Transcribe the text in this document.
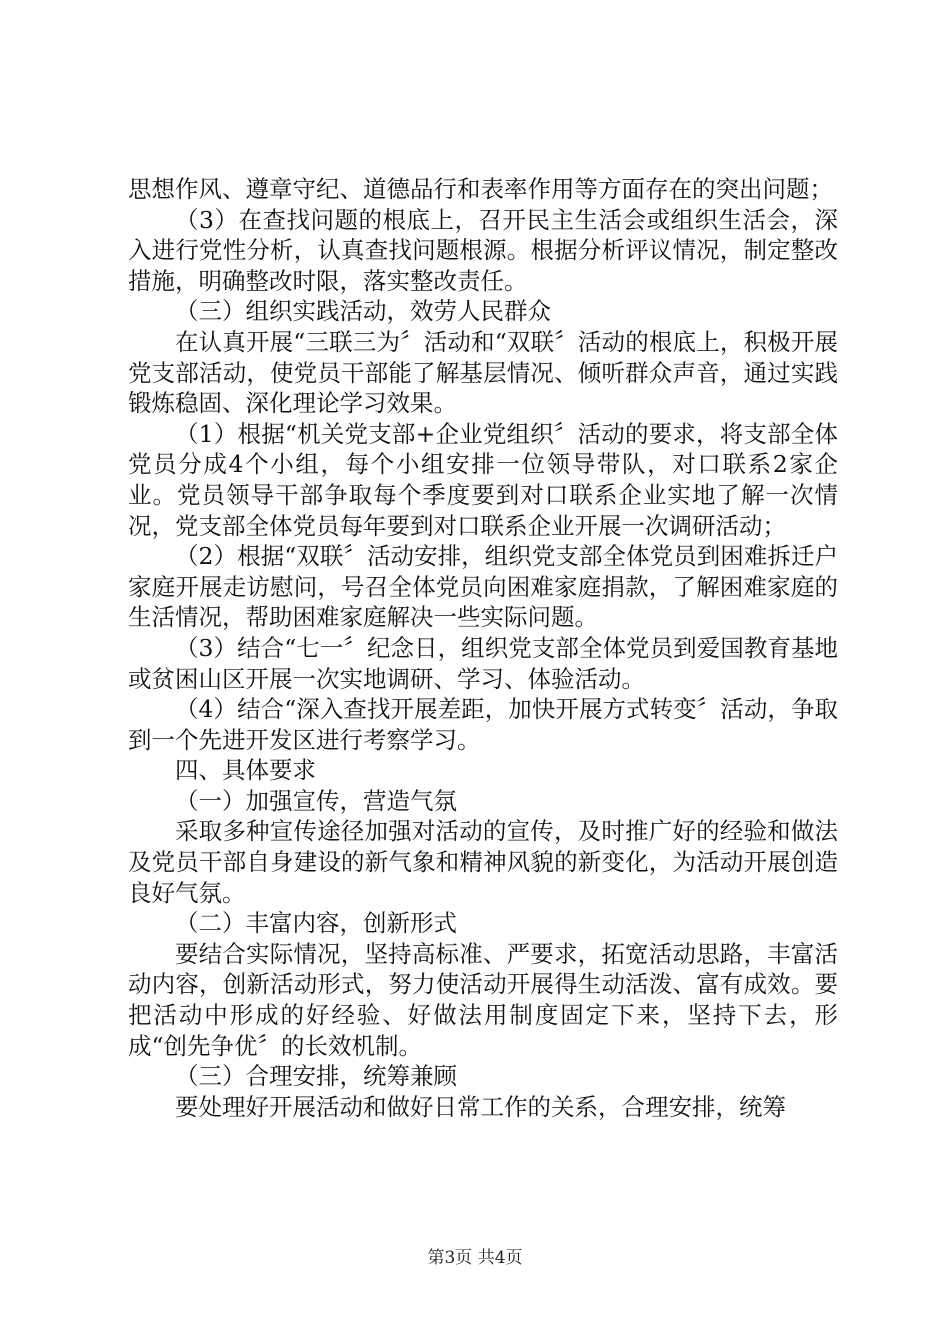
思想作风、遵章守纪、道德品行和表率作用等方面存在的突出问题；

（3）在查找问题的根底上，召开民主生活会或组织生活会，深入进行党性分析，认真查找问题根源。根据分析评议情况，制定整改措施，明确整改时限，落实整改责任。

（三）组织实践活动，效劳人民群众

在认真开展“三联三为〞活动和“双联〞活动的根底上，积极开展党支部活动，使党员干部能了解基层情况、倾听群众声音，通过实践锻炼稳固、深化理论学习效果。

（1）根据“机关党支部+企业党组织〞活动的要求，将支部全体党员分成4个小组，每个小组安排一位领导带队，对口联系2家企业。党员领导干部争取每个季度要到对口联系企业实地了解一次情况，党支部全体党员每年要到对口联系企业开展一次调研活动；

（2）根据“双联〞活动安排，组织党支部全体党员到困难拆迁户家庭开展走访慰问，号召全体党员向困难家庭捐款，了解困难家庭的生活情况，帮助困难家庭解决一些实际问题。

（3）结合“七一〞纪念日，组织党支部全体党员到爱国教育基地或贫困山区开展一次实地调研、学习、体验活动。

（4）结合“深入查找开展差距，加快开展方式转变〞活动，争取到一个先进开发区进行考察学习。

四、具体要求

（一）加强宣传，营造气氛

采取多种宣传途径加强对活动的宣传，及时推广好的经验和做法及党员干部自身建设的新气象和精神风貌的新变化，为活动开展创造良好气氛。

（二）丰富内容，创新形式

要结合实际情况，坚持高标准、严要求，拓宽活动思路，丰富活动内容，创新活动形式，努力使活动开展得生动活泼、富有成效。要把活动中形成的好经验、好做法用制度固定下来，坚持下去，形成“创先争优〞的长效机制。

（三）合理安排，统筹兼顾

要处理好开展活动和做好日常工作的关系，合理安排，统筹

第3页 共4页
